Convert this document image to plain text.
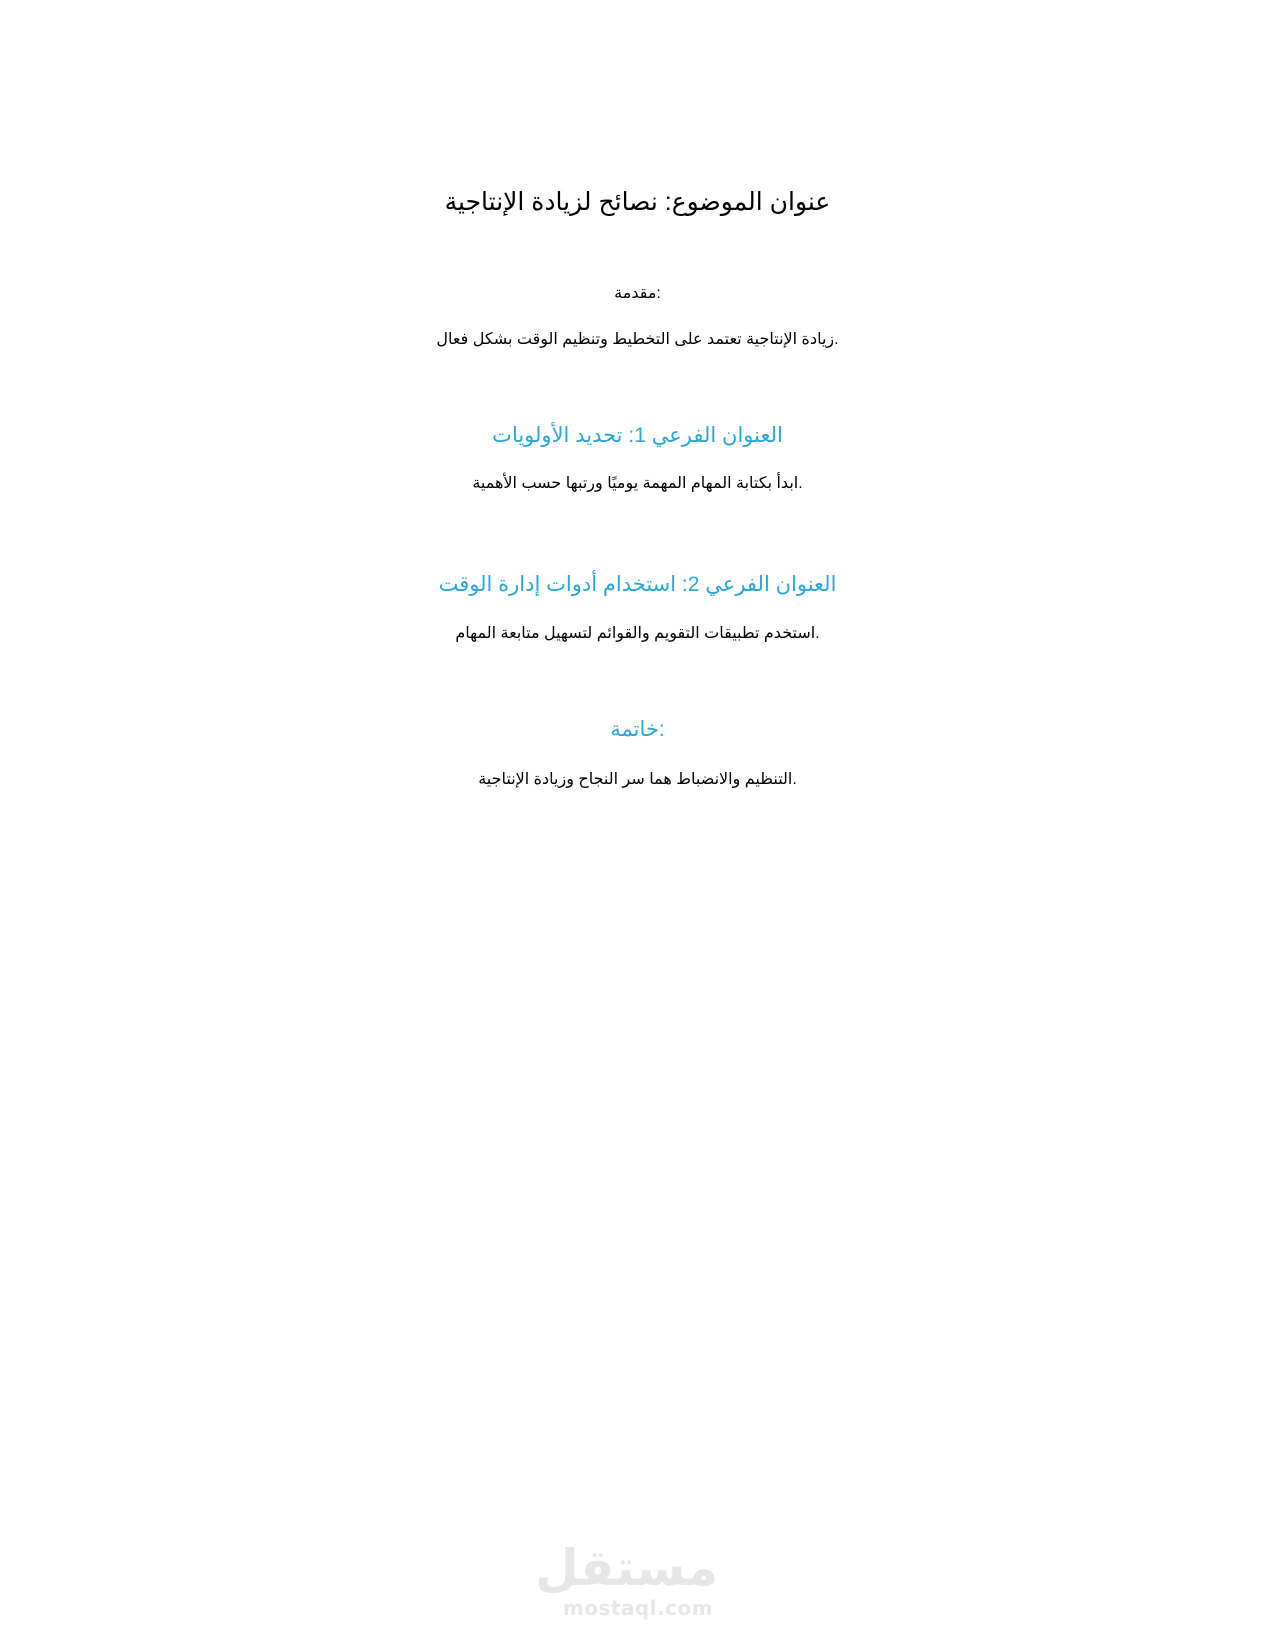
عنوان الموضوع: نصائح لزيادة الإنتاجية
:مقدمة
.زيادة الإنتاجية تعتمد على التخطيط وتنظيم الوقت بشكل فعال
العنوان الفرعي 1: تحديد الأولويات
.ابدأ بكتابة المهام المهمة يوميًا ورتبها حسب الأهمية
العنوان الفرعي 2: استخدام أدوات إدارة الوقت
.استخدم تطبيقات التقويم والقوائم لتسهيل متابعة المهام
:خاتمة
.التنظيم والانضباط هما سر النجاح وزيادة الإنتاجية
مستقل
mostaql.com
